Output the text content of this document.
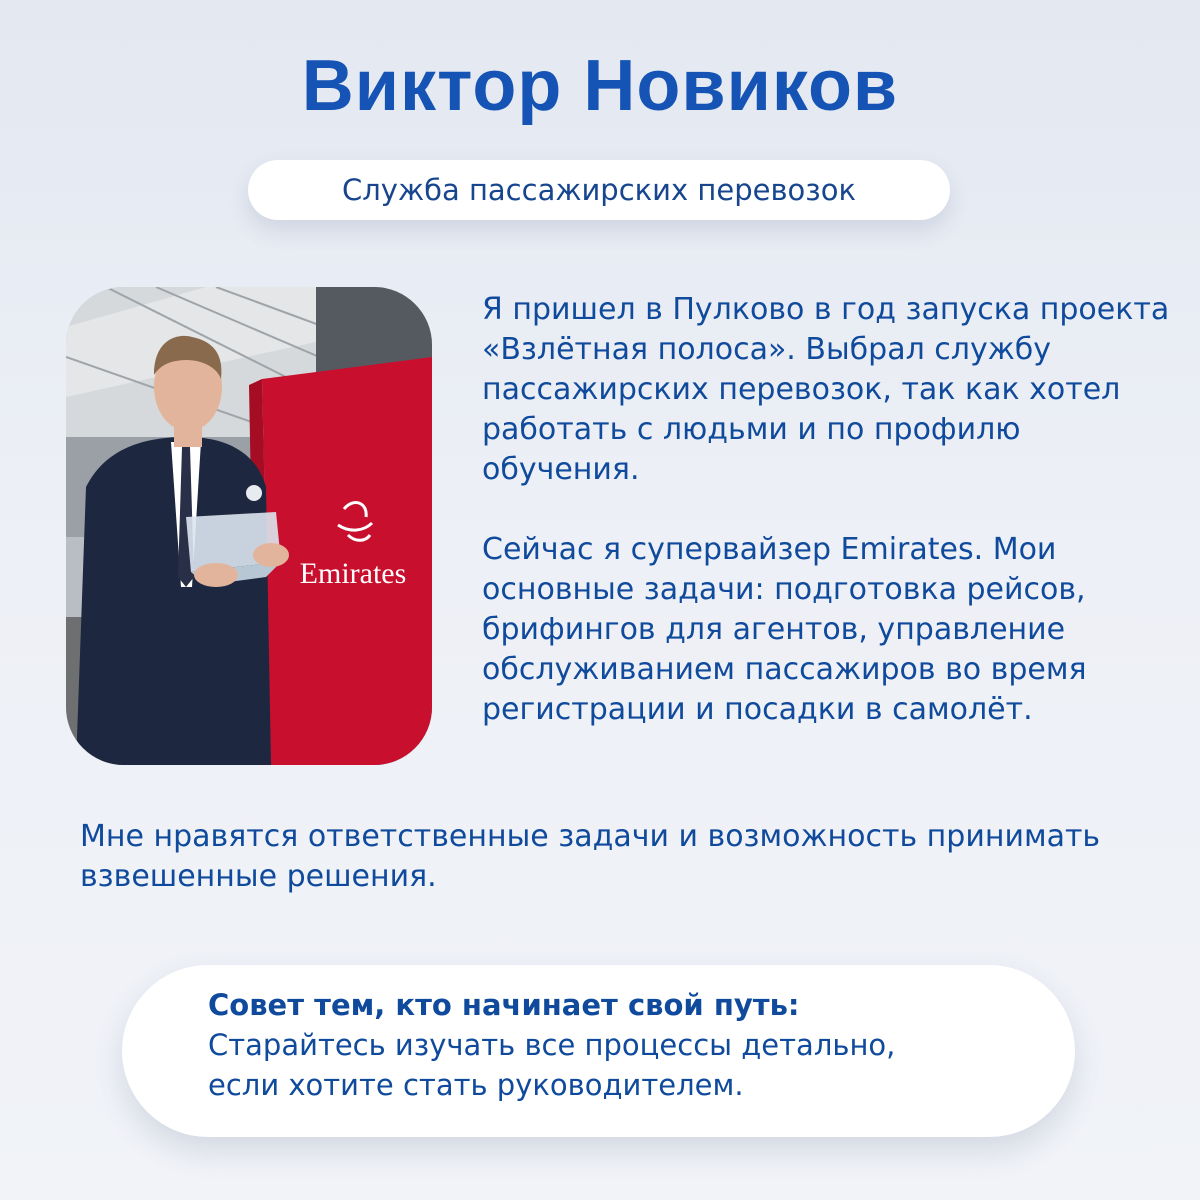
Виктор Новиков
Служба пассажирских перевозок
Emirates

Я пришел в Пулково в год запуска проекта «Взлётная полоса». Выбрал службу пассажирских перевозок, так как хотел работать с людьми и по профилю обучения.

Сейчас я супервайзер Emirates. Мои основные задачи: подготовка рейсов, брифингов для агентов, управление обслуживанием пассажиров во время регистрации и посадки в самолёт.

Мне нравятся ответственные задачи и возможность принимать взвешенные решения.

Совет тем, кто начинает свой путь:
Старайтесь изучать все процессы детально,
если хотите стать руководителем.
